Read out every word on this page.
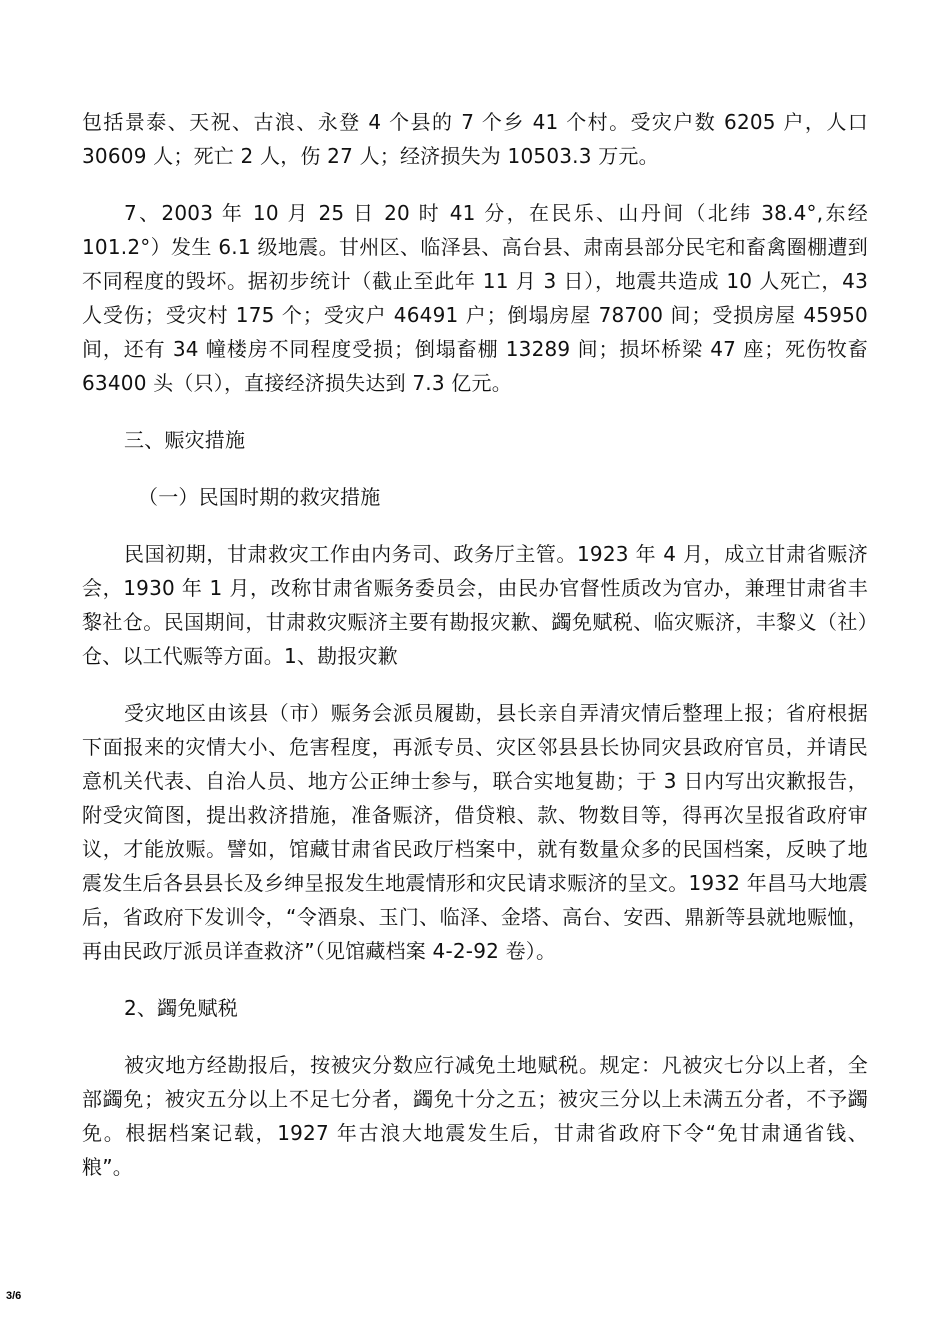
包括景泰、天祝、古浪、永登 4 个县的 7 个乡 41 个村。受灾户数 6205 户，人口 30609 人；死亡 2 人，伤 27 人；经济损失为 10503.3 万元。

7、2003 年 10 月 25 日 20 时 41 分，在民乐、山丹间（北纬 38.4°,东经 101.2°）发生 6.1 级地震。甘州区、临泽县、高台县、肃南县部分民宅和畜禽圈棚遭到不同程度的毁坏。据初步统计（截止至此年 11 月 3 日），地震共造成 10 人死亡，43 人受伤；受灾村 175 个；受灾户 46491 户；倒塌房屋 78700 间；受损房屋 45950 间，还有 34 幢楼房不同程度受损；倒塌畜棚 13289 间；损坏桥梁 47 座；死伤牧畜 63400 头（只），直接经济损失达到 7.3 亿元。

三、赈灾措施

（一）民国时期的救灾措施

民国初期，甘肃救灾工作由内务司、政务厅主管。1923 年 4 月，成立甘肃省赈济会，1930 年 1 月，改称甘肃省赈务委员会，由民办官督性质改为官办，兼理甘肃省丰黎社仓。民国期间，甘肃救灾赈济主要有勘报灾歉、蠲免赋税、临灾赈济，丰黎义（社）仓、以工代赈等方面。1、勘报灾歉

受灾地区由该县（市）赈务会派员履勘，县长亲自弄清灾情后整理上报；省府根据下面报来的灾情大小、危害程度，再派专员、灾区邻县县长协同灾县政府官员，并请民意机关代表、自治人员、地方公正绅士参与，联合实地复勘；于 3 日内写出灾歉报告，附受灾简图，提出救济措施，准备赈济，借贷粮、款、物数目等，得再次呈报省政府审议，才能放赈。譬如，馆藏甘肃省民政厅档案中，就有数量众多的民国档案，反映了地震发生后各县县长及乡绅呈报发生地震情形和灾民请求赈济的呈文。1932 年昌马大地震后，省政府下发训令，“令酒泉、玉门、临泽、金塔、高台、安西、鼎新等县就地赈恤，再由民政厅派员详查救济”（见馆藏档案 4-2-92 卷）。

2、蠲免赋税

被灾地方经勘报后，按被灾分数应行减免土地赋税。规定：凡被灾七分以上者，全部蠲免；被灾五分以上不足七分者，蠲免十分之五；被灾三分以上未满五分者，不予蠲免。根据档案记载，1927 年古浪大地震发生后，甘肃省政府下令“免甘肃通省钱、粮”。

3/6
